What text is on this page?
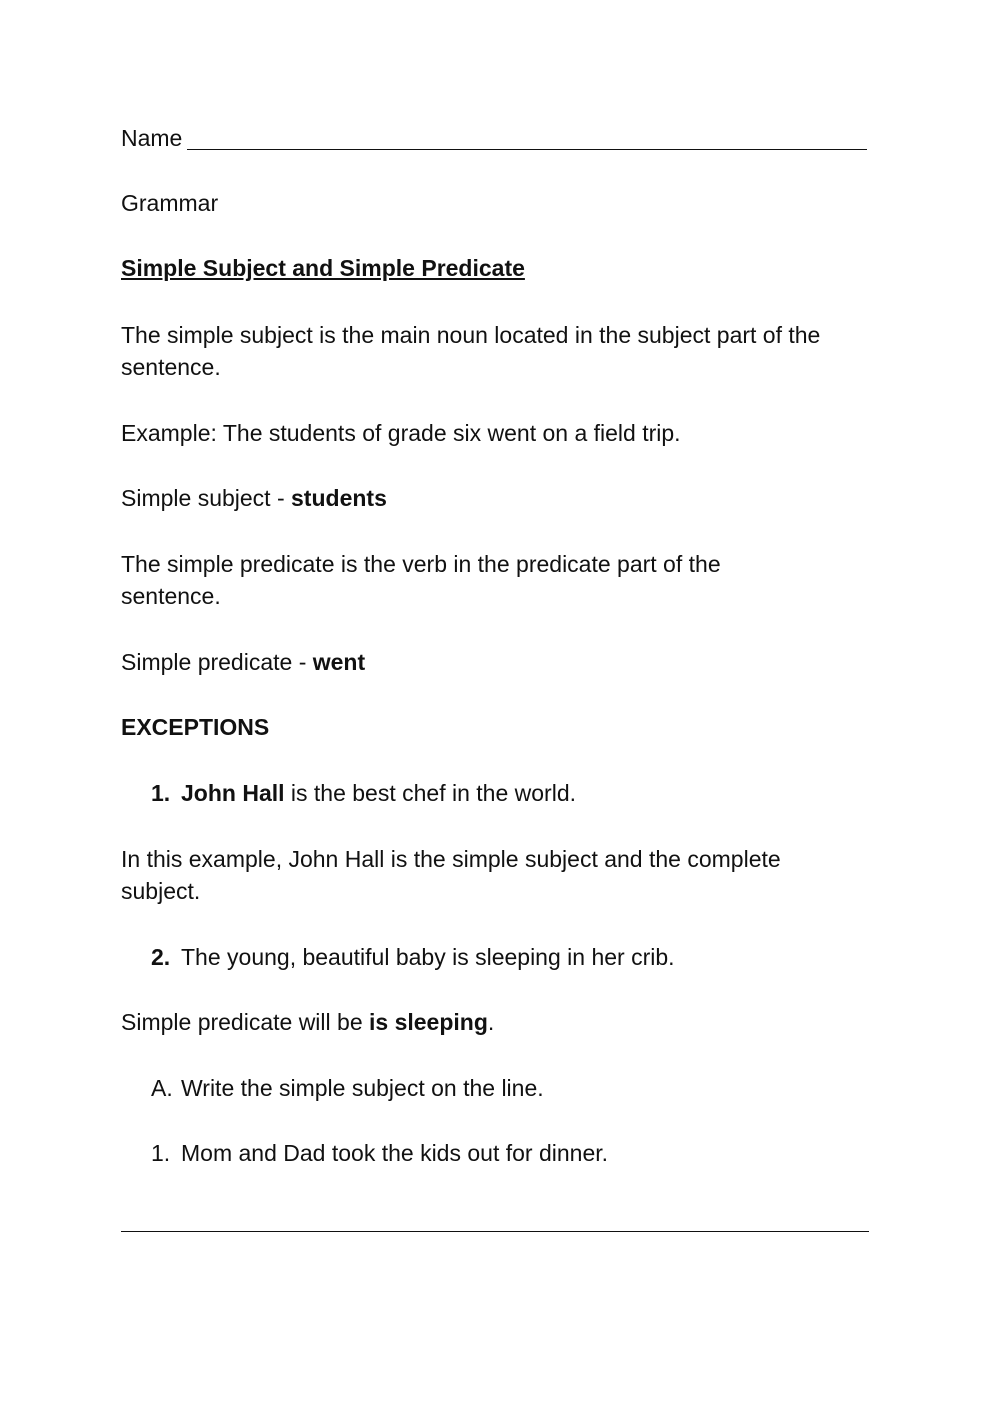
Name
Grammar
Simple Subject and Simple Predicate
The simple subject is the main noun located in the subject part of the
sentence.
Example: The students of grade six went on a field trip.
Simple subject - students
The simple predicate is the verb in the predicate part of the
sentence.
Simple predicate - went
EXCEPTIONS
1. John Hall is the best chef in the world.
In this example, John Hall is the simple subject and the complete
subject.
2. The young, beautiful baby is sleeping in her crib.
Simple predicate will be is sleeping.
A. Write the simple subject on the line.
1. Mom and Dad took the kids out for dinner.
